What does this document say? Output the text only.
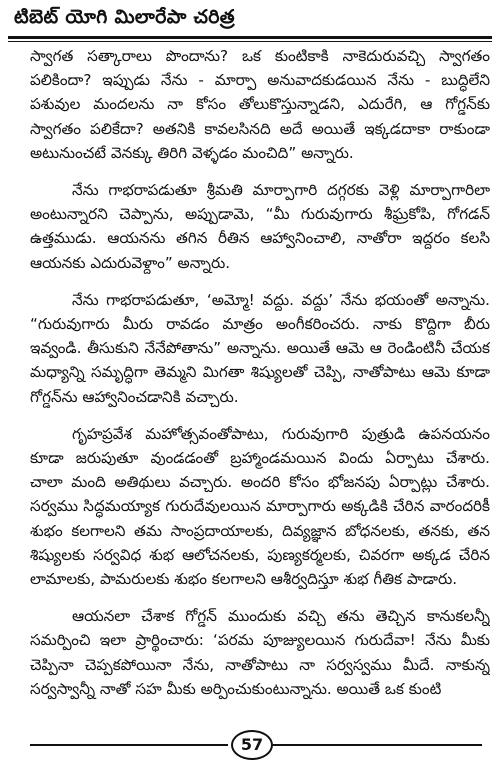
టిబెట్ యోగి మిలారేపా చరిత్ర
స్వాగత సత్కారాలు పొందాను? ఒక కుంటికాకి నాకెదురువచ్చి స్వాగతం
పలికిందా? ఇప్పుడు నేను - మార్పా అనువాదకుడయిన నేను - బుద్ధిలేని
పశువుల మందలను నా కోసం తోలుకొస్తున్నాడని, ఎదురేగి, ఆ గోగ్డన్‌కు
స్వాగతం పలికేదా? అతనికి కావలసినది అదే అయితే ఇక్కడదాకా రాకుండా
అటునుంచటే వెనక్కు తిరిగి వెళ్ళడం మంచిది” అన్నారు.
నేను గాభరాపడుతూ శ్రీమతి మార్పాగారి దగ్గరకు వెళ్లి మార్పాగారిలా
అంటున్నారని చెప్పాను, అప్పుడామె, “మీ గురువుగారు శీఘ్రకోపి, గోగడన్
ఉత్తముడు. ఆయనను తగిన రీతిన ఆహ్వానించాలి, నాతోరా ఇద్దరం కలసి
ఆయనకు ఎదురువెళ్దాం” అన్నారు.
నేను గాభరాపడుతూ, ‘అమ్మో! వద్దు. వద్దు’ నేను భయంతో అన్నాను.
“గురువుగారు మీరు రావడం మాత్రం అంగీకరించరు. నాకు కొద్దిగా బీరు
ఇవ్వండి. తీసుకుని నేనేపోతాను” అన్నాను. అయితే ఆమె ఆ రెండింటినీ చేయక
మధ్యాన్ని సమృద్ధిగా తెమ్మని మిగతా శిష్యులతో చెప్పి, నాతోపాటు ఆమె కూడా
గోగ్డన్‌ను ఆహ్వానించడానికి వచ్చారు.
గృహప్రవేశ మహోత్సవంతోపాటు, గురువుగారి పుత్రుడి ఉపనయనం
కూడా జరుపుతూ వుండడంతో బ్రహ్మాండమయిన విందు ఏర్పాటు చేశారు.
చాలా మంది అతిథులు వచ్చారు. అందరి కోసం భోజనపు ఏర్పాట్లు చేశారు.
సర్వము సిద్ధమయ్యాక గురుదేవులయిన మార్పాగారు అక్కడికి చేరిన వారందరికీ
శుభం కలగాలని తమ సాంప్రదాయాలకు, దివ్యజ్ఞాన బోధనలకు, తనకు, తన
శిష్యులకు సర్వవిధ శుభ ఆలోచనలకు, పుణ్యకర్మలకు, చివరగా అక్కడ చేరిన
లామాలకు, పామరులకు శుభం కలగాలని ఆశీర్వదిస్తూ శుభ గీతిక పాడారు.
ఆయనలా చేశాక గోగ్డన్ ముందుకు వచ్చి తను తెచ్చిన కానుకలన్నీ
సమర్పించి ఇలా ప్రార్థించారు: ‘పరమ పూజ్యులయిన గురుదేవా! నేను మీకు
చెప్పినా చెప్పకపోయినా నేను, నాతోపాటు నా సర్వస్వము మీదే. నాకున్న
సర్వస్వాన్నీ నాతో సహ మీకు అర్పించుకుంటున్నాను. అయితే ఒక కుంటి
57
